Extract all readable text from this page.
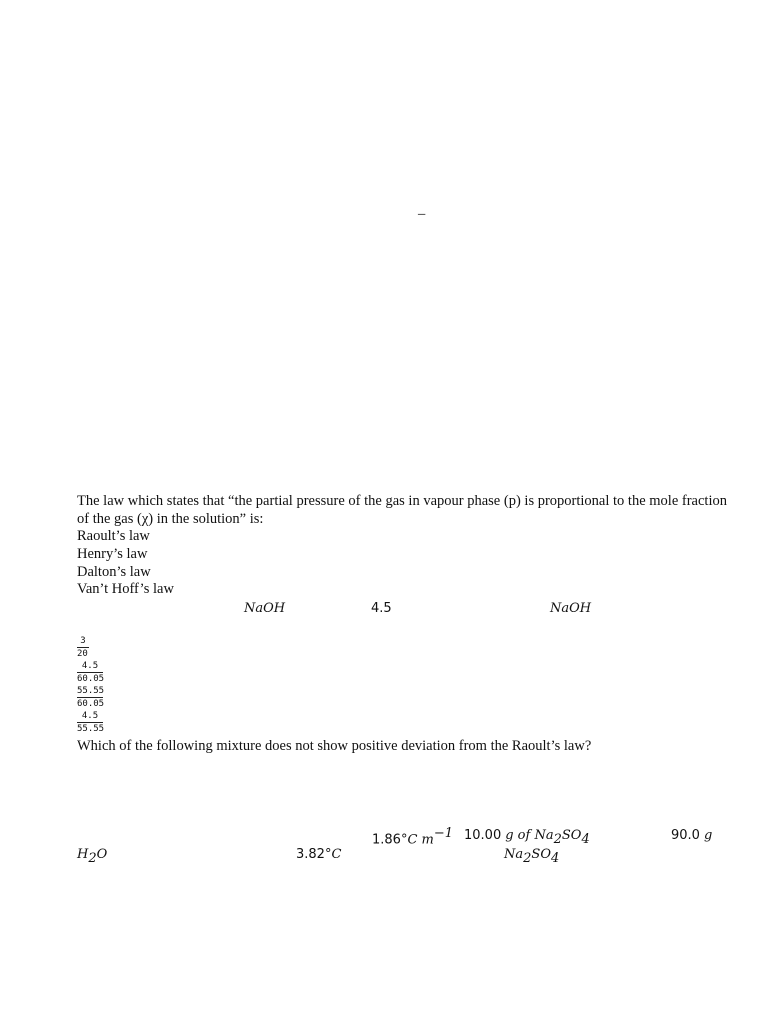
–
The law which states that “the partial pressure of the gas in vapour phase (p) is proportional to the mole fraction of the gas (χ) in the solution” is:
Raoult’s law
Henry’s law
Dalton’s law
Van’t Hoff’s law
NaOH	4.5	NaOH
3
20
4.5
60.05
55.55
60.05
4.5
55.55
Which of the following mixture does not show positive deviation from the Raoult’s law?
1.86°C $m^{-1}$ 10.00 g of $Na_2SO_4$	90.0 g
$H_2O$	3.82°C	$Na_2SO_4$
